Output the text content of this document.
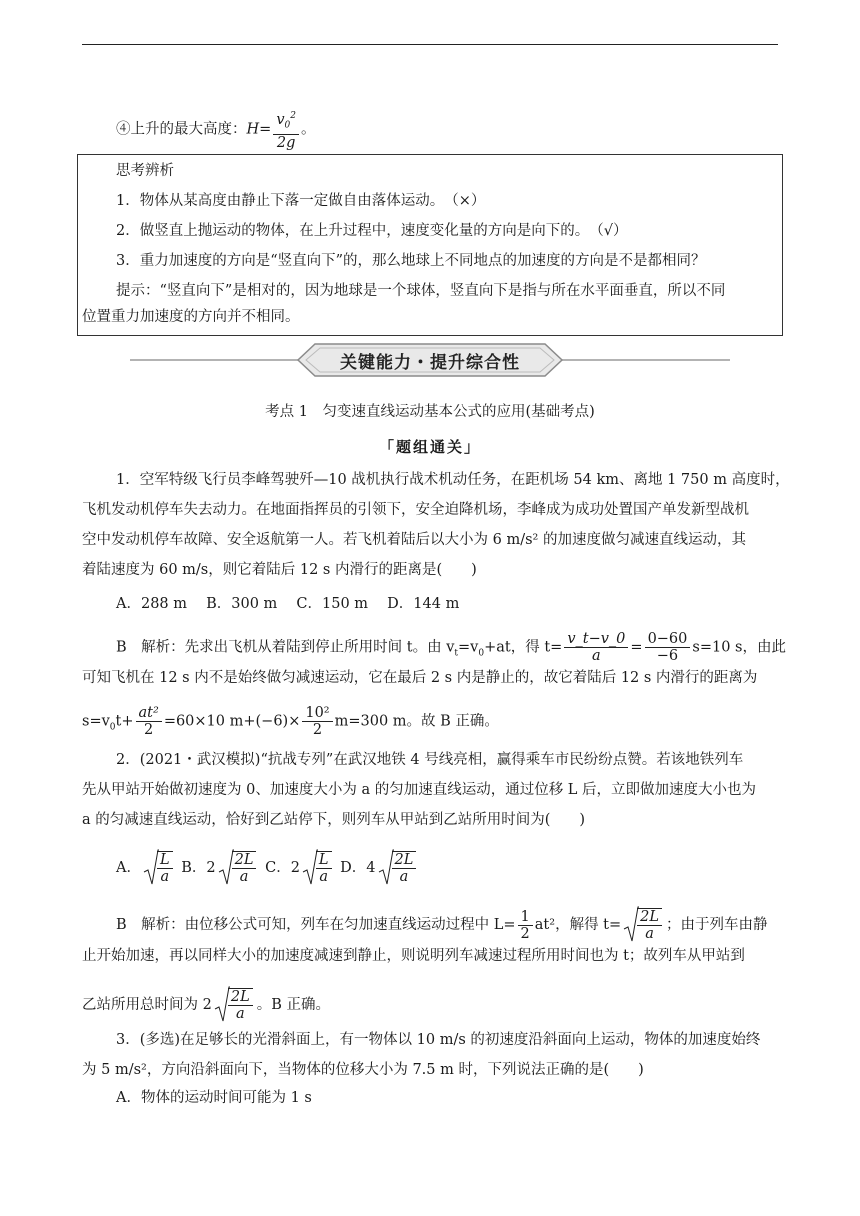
④上升的最大高度：$H= \frac{v_0^2}{2g}$ 。
思考辨析
1．物体从某高度由静止下落一定做自由落体运动。　（×）
2．做竖直上抛运动的物体，在上升过程中，速度变化量的方向是向下的。　（√）
3．重力加速度的方向是“竖直向下”的，那么地球上不同地点的加速度的方向是不是都相同？
提示：“竖直向下”是相对的，因为地球是一个球体，竖直向下是指与所在水平面垂直，所以不同
位置重力加速度的方向并不相同。
关键能力・提升综合性
考点 1　匀变速直线运动基本公式的应用(基础考点)
「题组通关」
1．空军特级飞行员李峰驾驶歼—10 战机执行战术机动任务，在距机场 54 km、离地 1 750 m 高度时，
飞机发动机停车失去动力。在地面指挥员的引领下，安全迫降机场，李峰成为成功处置国产单发新型战机
空中发动机停车故障、安全返航第一人。若飞机着陆后以大小为 6 m/s² 的加速度做匀减速直线运动，其
着陆速度为 60 m/s，则它着陆后 12 s 内滑行的距离是(　　)
A．288 m　 B．300 m　 C．150 m　 D．144 m
B　解析：先求出飞机从着陆到停止所用时间 t。由 $v_t=v_0+at$，得 $t= \frac{v\_t-v\_0}{a} = \frac{0-60}{-6} s=10$ s，由此
可知飞机在 12 s 内不是始终做匀减速运动，它在最后 2 s 内是静止的，故它着陆后 12 s 内滑行的距离为
$s=v_0t+ \frac{\text{at²}}{2} =60\times 10$ $m+(-6)\times \frac{\text{10²}}{2} m=300$ m。故 B 正确。
2．(2021・武汉模拟)“抗战专列”在武汉地铁 4 号线亮相，赢得乘车市民纷纷点赞。若该地铁列车
先从甲站开始做初速度为 0、加速度大小为 a 的匀加速直线运动，通过位移 L 后，立即做加速度大小也为
a 的匀减速直线运动，恰好到乙站停下，则列车从甲站到乙站所用时间为(　　)
A． $\frac{L}{a}$ B．$2 \frac{2L}{a}$ C．$2 \frac{L}{a}$ D．$4 \frac{2L}{a}$
B　解析：由位移公式可知，列车在匀加速直线运动过程中 $L= \frac{1}{2} at^2$，解得 $t= \frac{2L}{a}$ ；由于列车由静
止开始加速，再以同样大小的加速度减速到静止，则说明列车减速过程所用时间也为 t；故列车从甲站到
乙站所用总时间为 $2 \frac{2L}{a}$ 。B 正确。
3．(多选)在足够长的光滑斜面上，有一物体以 10 m/s 的初速度沿斜面向上运动，物体的加速度始终
为 5 m/s²，方向沿斜面向下，当物体的位移大小为 7.5 m 时，下列说法正确的是(　　)
A．物体的运动时间可能为 1 s
